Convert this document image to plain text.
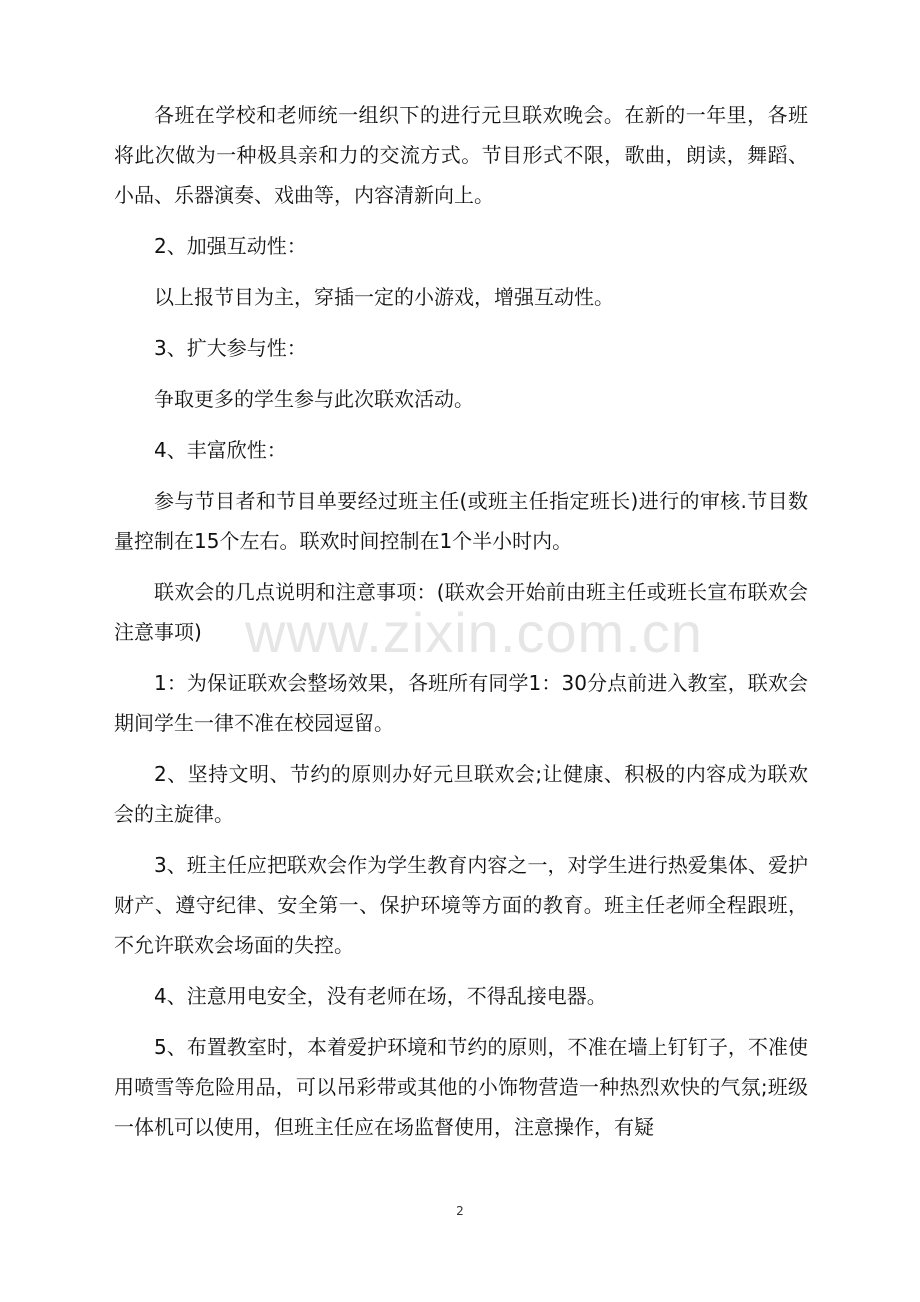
各班在学校和老师统一组织下的进行元旦联欢晚会。在新的一年里，各班将此次做为一种极具亲和力的交流方式。节目形式不限，歌曲，朗读，舞蹈、小品、乐器演奏、戏曲等，内容清新向上。

2、加强互动性：

以上报节目为主，穿插一定的小游戏，增强互动性。

3、扩大参与性：

争取更多的学生参与此次联欢活动。

4、丰富欣性：

参与节目者和节目单要经过班主任(或班主任指定班长)进行的审核.节目数量控制在15个左右。联欢时间控制在1个半小时内。

联欢会的几点说明和注意事项：(联欢会开始前由班主任或班长宣布联欢会注意事项)

1：为保证联欢会整场效果，各班所有同学1：30分点前进入教室，联欢会期间学生一律不准在校园逗留。

2、坚持文明、节约的原则办好元旦联欢会;让健康、积极的内容成为联欢会的主旋律。

3、班主任应把联欢会作为学生教育内容之一，对学生进行热爱集体、爱护财产、遵守纪律、安全第一、保护环境等方面的教育。班主任老师全程跟班，不允许联欢会场面的失控。

4、注意用电安全，没有老师在场，不得乱接电器。

5、布置教室时，本着爱护环境和节约的原则，不准在墙上钉钉子，不准使用喷雪等危险用品，可以吊彩带或其他的小饰物营造一种热烈欢快的气氛;班级一体机可以使用，但班主任应在场监督使用，注意操作，有疑

www.zixin.com.cn
2
